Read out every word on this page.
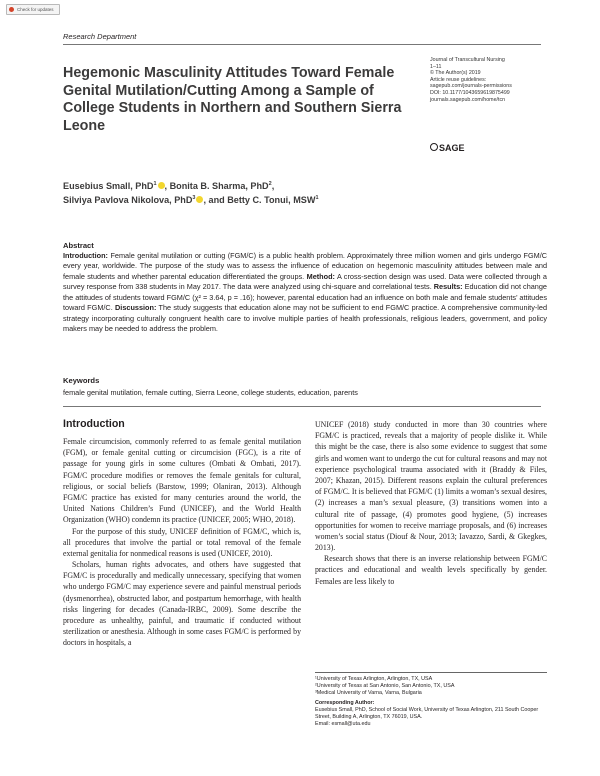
Check for updates
Research Department
Hegemonic Masculinity Attitudes Toward Female Genital Mutilation/Cutting Among a Sample of College Students in Northern and Southern Sierra Leone
Journal of Transcultural Nursing
1–11
© The Author(s) 2019
Article reuse guidelines:
sagepub.com/journals-permissions
DOI: 10.1177/1043659619875499
journals.sagepub.com/home/tcn
SAGE
Eusebius Small, PhD$^1$ , Bonita B. Sharma, PhD$^2$,
Silviya Pavlova Nikolova, PhD$^3$ , and Betty C. Tonui, MSW$^1$
Abstract
Introduction: Female genital mutilation or cutting (FGM/C) is a public health problem. Approximately three million women and girls undergo FGM/C every year, worldwide. The purpose of the study was to assess the influence of education on hegemonic masculinity attitudes between male and female students and whether parental education differentiated the groups. Method: A cross-section design was used. Data were collected through a survey response from 338 students in May 2017. The data were analyzed using chi-square and correlational tests. Results: Education did not change the attitudes of students toward FGM/C (χ² = 3.64, p = .16); however, parental education had an influence on both male and female students’ attitudes toward FGM/C. Discussion: The study suggests that education alone may not be sufficient to end FGM/C practice. A comprehensive community-led strategy incorporating culturally congruent health care to involve multiple parties of health professionals, religious leaders, government, and policy makers may be needed to address the problem.
Keywords
female genital mutilation, female cutting, Sierra Leone, college students, education, parents
Introduction

Female circumcision, commonly referred to as female genital mutilation (FGM), or female genital cutting or circumcision (FGC), is a rite of passage for young girls in some cultures (Ombati & Ombati, 2017). FGM/C procedure modifies or removes the female genitals for cultural, religious, or social beliefs (Barstow, 1999; Olaniran, 2013). Although FGM/C practice has existed for many centuries around the world, the United Nations Children’s Fund (UNICEF), and the World Health Organization (WHO) condemn its practice (UNICEF, 2005; WHO, 2018).

For the purpose of this study, UNICEF definition of FGM/C, which is, all procedures that involve the partial or total removal of the female external genitalia for nonmedical reasons is used (UNICEF, 2010).

Scholars, human rights advocates, and others have suggested that FGM/C is procedurally and medically unnecessary, specifying that women who undergo FGM/C may experience severe and painful menstrual periods (dysmenorrhea), obstructed labor, and postpartum hemorrhage, with health risks lingering for decades (Canada-IRBC, 2009). Some describe the procedure as unhealthy, painful, and traumatic if conducted without sterilization or anesthesia. Although in some cases FGM/C is performed by doctors in hospitals, a

UNICEF (2018) study conducted in more than 30 countries where FGM/C is practiced, reveals that a majority of people dislike it. While this might be the case, there is also some evidence to suggest that some girls and women want to undergo the cut for cultural reasons and may not experience psychological trauma associated with it (Braddy & Files, 2007; Khazan, 2015). Different reasons explain the cultural preferences of FGM/C. It is believed that FGM/C (1) limits a woman’s sexual desires, (2) increases a man’s sexual pleasure, (3) transitions women into a cultural rite of passage, (4) promotes good hygiene, (5) increases opportunities for women to receive marriage proposals, and (6) increases women’s social status (Diouf & Nour, 2013; Iavazzo, Sardi, & Gkegkes, 2013).

Research shows that there is an inverse relationship between FGM/C practices and educational and wealth levels specifically by gender. Females are less likely to

¹University of Texas Arlington, Arlington, TX, USA
²University of Texas at San Antonio, San Antonio, TX, USA
³Medical University of Varna, Varna, Bulgaria
Corresponding Author:
Eusebius Small, PhD, School of Social Work, University of Texas Arlington, 211 South Cooper Street, Building A, Arlington, TX 76019, USA.
Email: esmall@uta.edu
